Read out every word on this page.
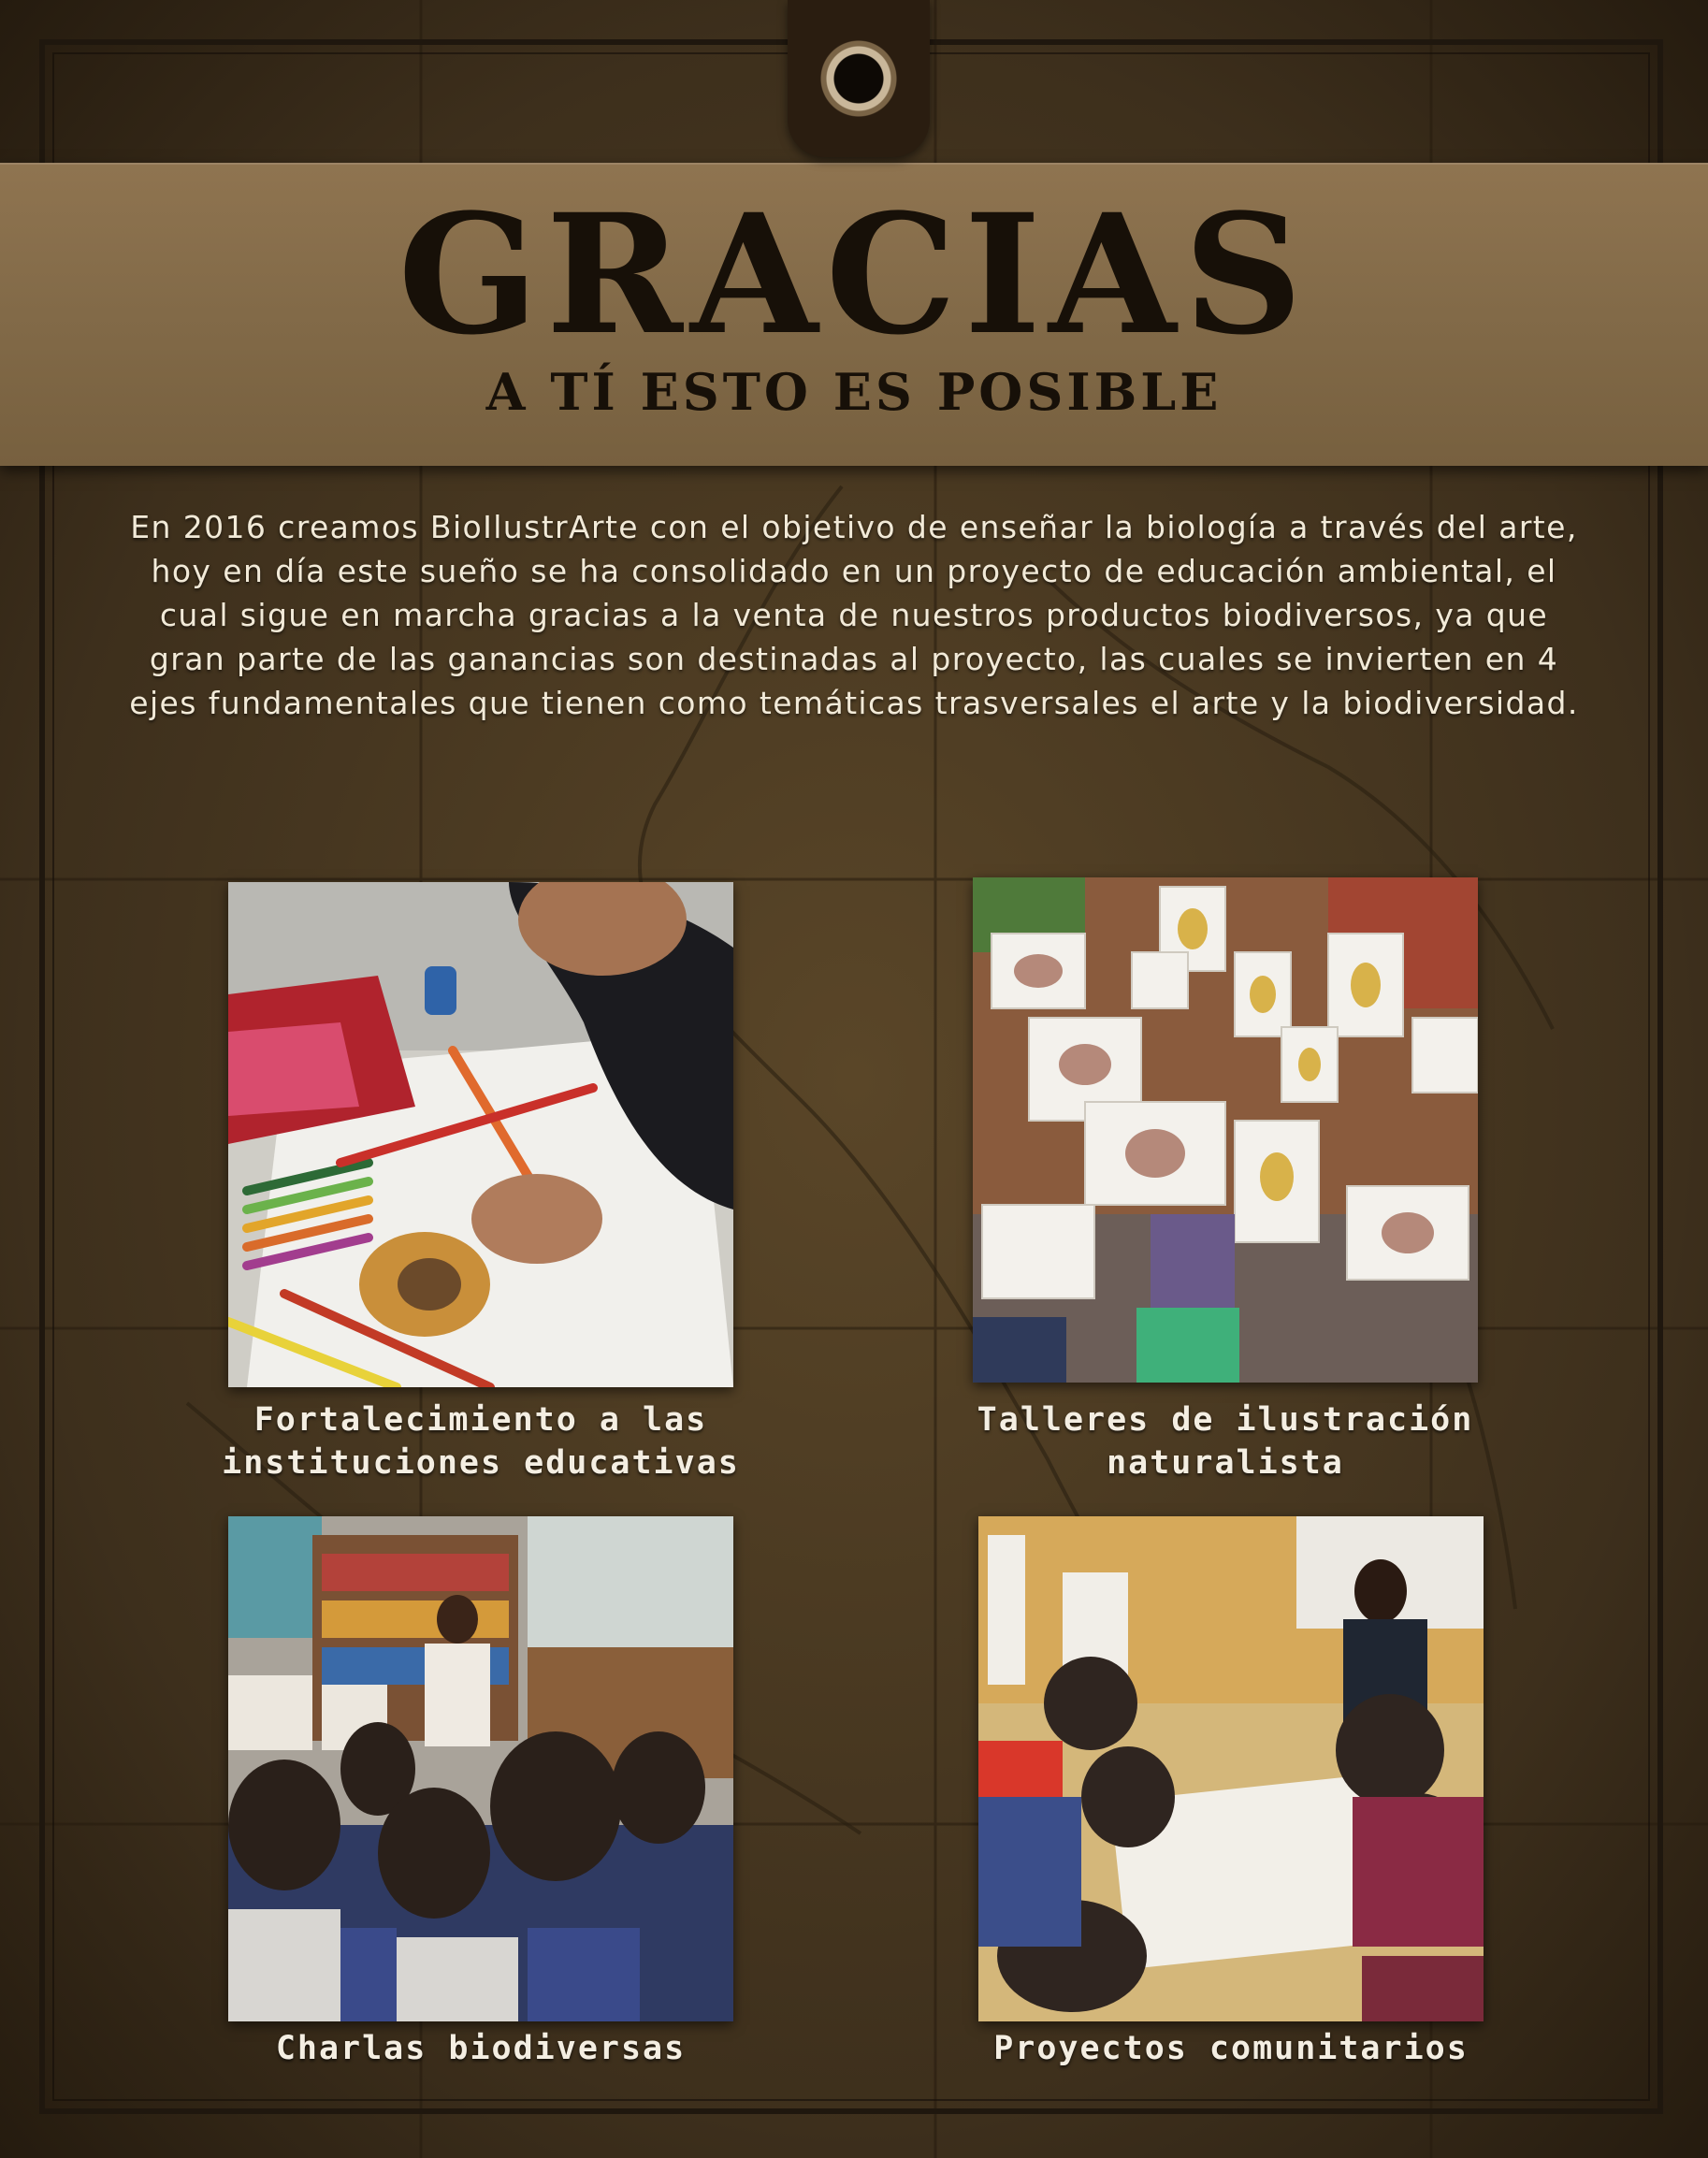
GRACIAS
A TÍ ESTO ES POSIBLE
En 2016 creamos BioIlustrArte con el objetivo de enseñar la biología a través del arte, hoy en día este sueño se ha consolidado en un proyecto de educación ambiental, el cual sigue en marcha gracias a la venta de nuestros productos biodiversos, ya que gran parte de las ganancias son destinadas al proyecto, las cuales se invierten en 4 ejes fundamentales que tienen como temáticas trasversales el arte y la biodiversidad.
Fortalecimiento a las instituciones educativas
Talleres de ilustración naturalista
Charlas biodiversas	Proyectos comunitarios
